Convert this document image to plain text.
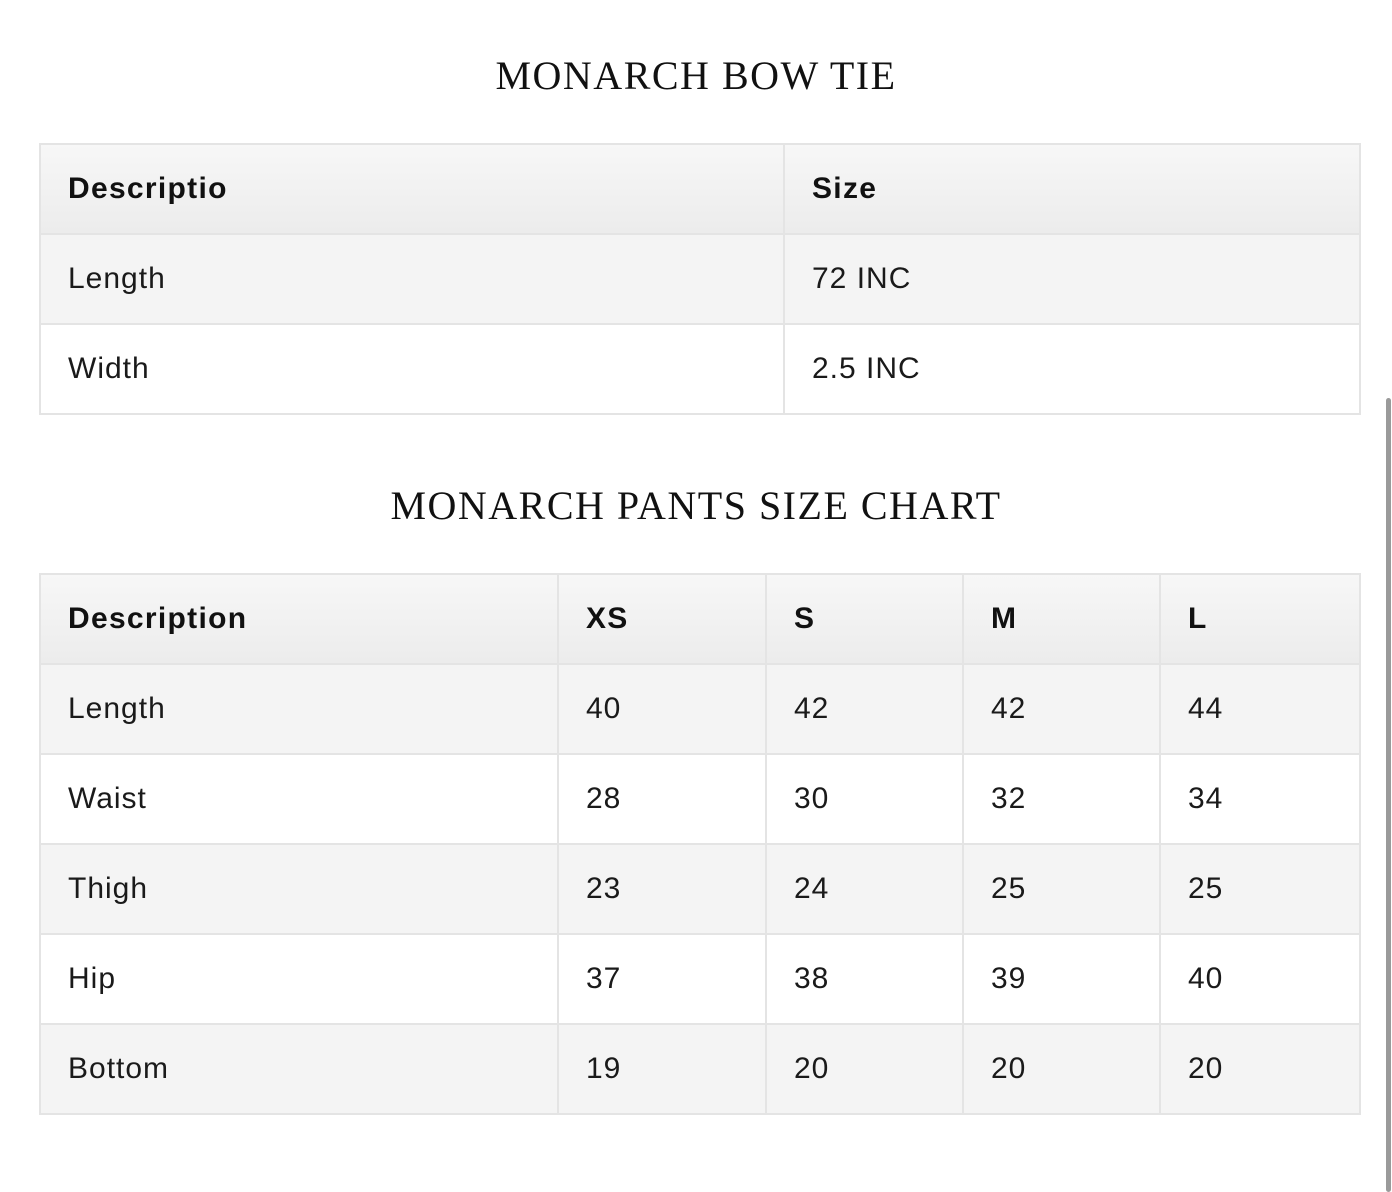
MONARCH BOW TIE
Descriptio	Size
Length	72 INC
Width	2.5 INC
MONARCH PANTS SIZE CHART
Description	XS	S	M	L
Length	40	42	42	44
Waist	28	30	32	34
Thigh	23	24	25	25
Hip	37	38	39	40
Bottom	19	20	20	20
